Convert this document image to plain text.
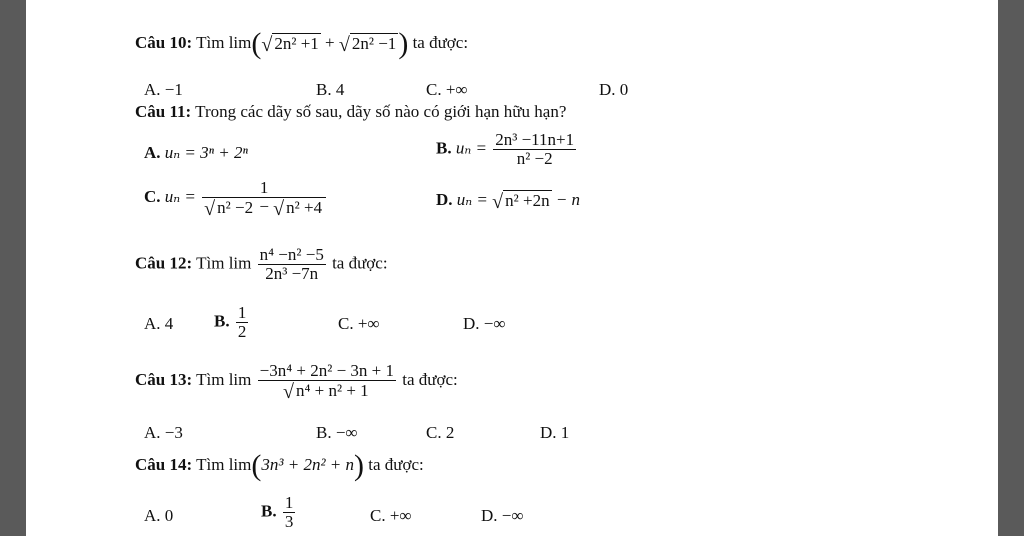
Câu 10: Tìm lim(√ 2n² +1 + √ 2n² −1) ta được:
A. −1	B. 4	C. +∞	D. 0
Câu 11: Trong các dãy số sau, dãy số nào có giới hạn hữu hạn?
A. uₙ = 3ⁿ + 2ⁿ	B. $u_n = \frac{\text{2n³ −11n+1}}{\text{n² −2}}$
C. $u_n = \frac{1}{\text{√ n² −2 − √ n² +4}}$	D. uₙ = √ n² +2n − n
Câu 12: Tìm $\lim \frac{\text{n⁴ −n² −5}}{\text{2n³ −7n}}$ ta được:
A. 4 B. $\frac{1}{2}$	C. +∞	D. −∞
Câu 13: Tìm $\lim \frac{\text{−3n⁴ + 2n² − 3n + 1}}{\text{√ n⁴ + n² + 1}}$ ta được:
A. −3	B. −∞	C. 2	D. 1
Câu 14: Tìm lim(3n³ + 2n² + n) ta được:
A. 0	B. $\frac{1}{3}$	C. +∞	D. −∞
